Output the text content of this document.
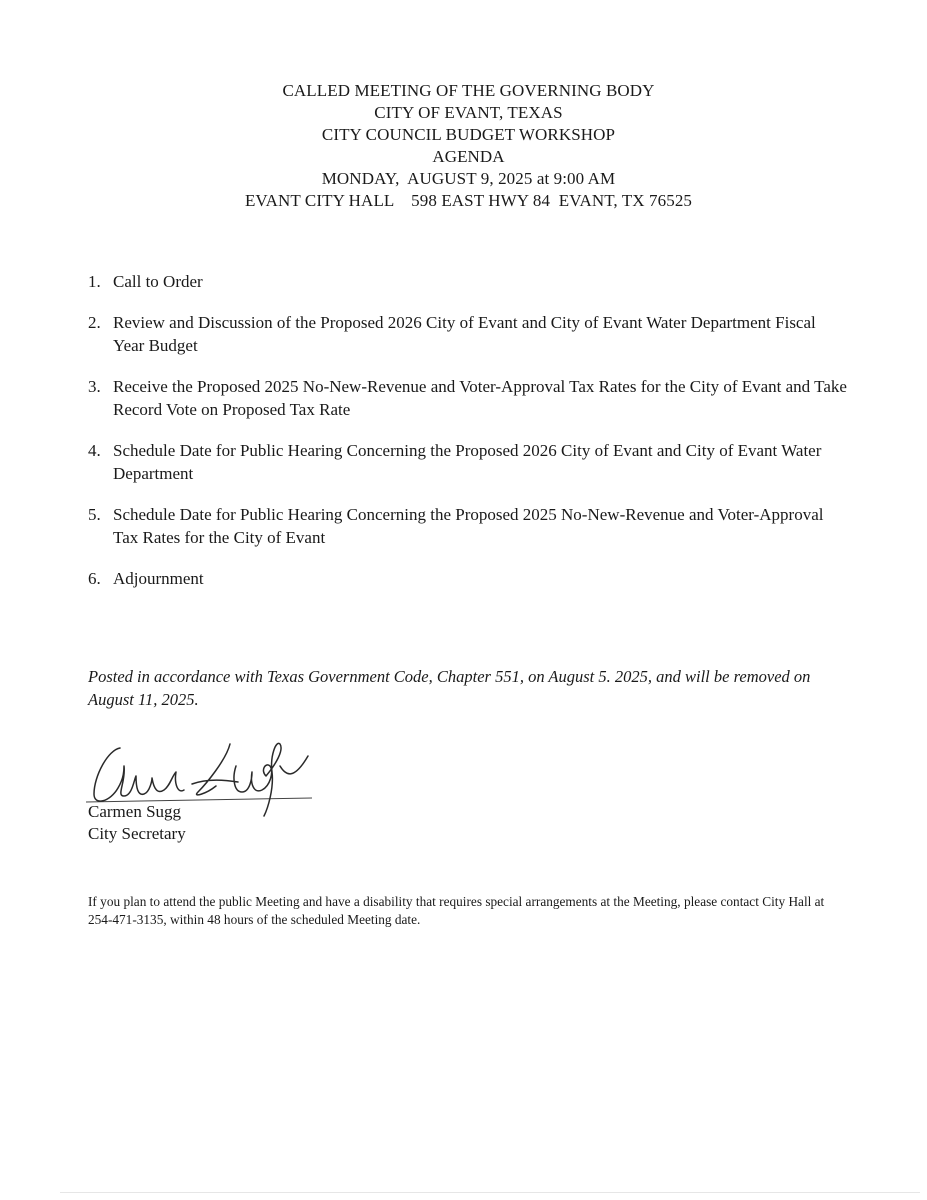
CALLED MEETING OF THE GOVERNING BODY
CITY OF EVANT, TEXAS
CITY COUNCIL BUDGET WORKSHOP
AGENDA
MONDAY,  AUGUST 9, 2025 at 9:00 AM
EVANT CITY HALL    598 EAST HWY 84  EVANT, TX 76525
1. Call to Order
2. Review and Discussion of the Proposed 2026 City of Evant and City of Evant Water Department Fiscal Year Budget
3. Receive the Proposed 2025 No-New-Revenue and Voter-Approval Tax Rates for the City of Evant and Take Record Vote on Proposed Tax Rate
4. Schedule Date for Public Hearing Concerning the Proposed 2026 City of Evant and City of Evant Water Department
5. Schedule Date for Public Hearing Concerning the Proposed 2025 No-New-Revenue and Voter-Approval Tax Rates for the City of Evant
6. Adjournment
Posted in accordance with Texas Government Code, Chapter 551, on August 5. 2025, and will be removed on August 11, 2025.
Carmen Sugg
City Secretary
If you plan to attend the public Meeting and have a disability that requires special arrangements at the Meeting, please contact City Hall at 254-471-3135, within 48 hours of the scheduled Meeting date.
